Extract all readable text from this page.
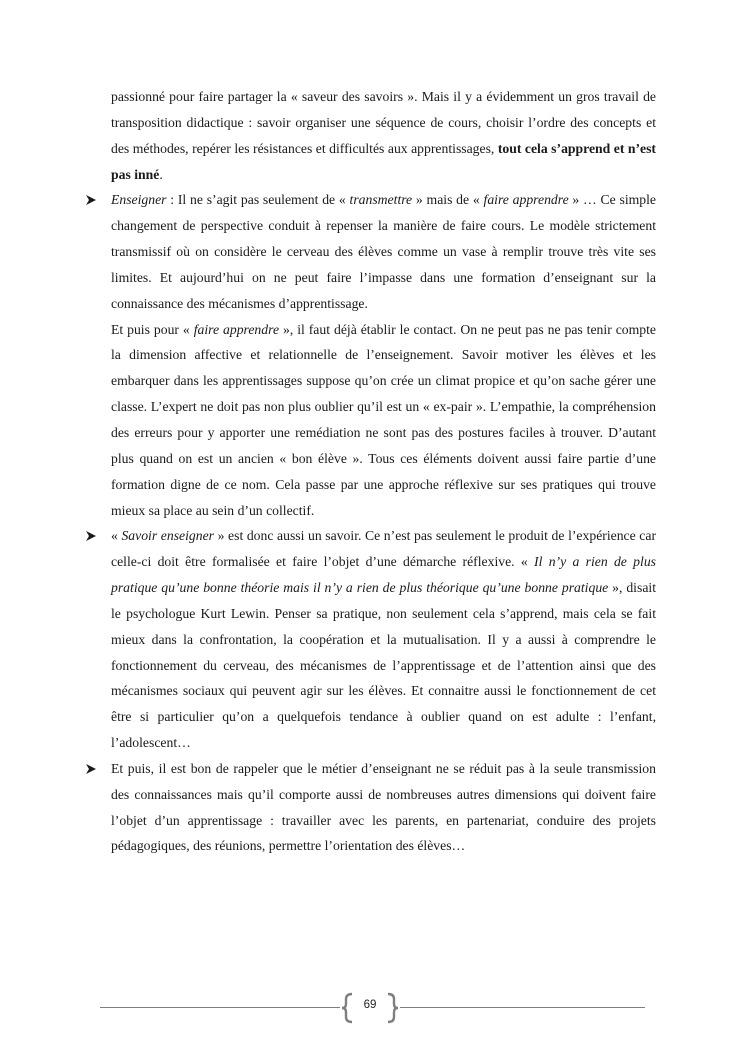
passionné pour faire partager la « saveur des savoirs ». Mais il y a évidemment un gros travail de transposition didactique : savoir organiser une séquence de cours, choisir l’ordre des concepts et des méthodes, repérer les résistances et difficultés aux apprentissages, tout cela s’apprend et n’est pas inné.

Enseigner : Il ne s’agit pas seulement de « transmettre » mais de « faire apprendre » … Ce simple changement de perspective conduit à repenser la manière de faire cours. Le modèle strictement transmissif où on considère le cerveau des élèves comme un vase à remplir trouve très vite ses limites. Et aujourd’hui on ne peut faire l’impasse dans une formation d’enseignant sur la connaissance des mécanismes d’apprentissage.

Et puis pour « faire apprendre », il faut déjà établir le contact. On ne peut pas ne pas tenir compte la dimension affective et relationnelle de l’enseignement. Savoir motiver les élèves et les embarquer dans les apprentissages suppose qu’on crée un climat propice et qu’on sache gérer une classe. L’expert ne doit pas non plus oublier qu’il est un « ex-pair ». L’empathie, la compréhension des erreurs pour y apporter une remédiation ne sont pas des postures faciles à trouver. D’autant plus quand on est un ancien « bon élève ». Tous ces éléments doivent aussi faire partie d’une formation digne de ce nom. Cela passe par une approche réflexive sur ses pratiques qui trouve mieux sa place au sein d’un collectif.

« Savoir enseigner » est donc aussi un savoir. Ce n’est pas seulement le produit de l’expérience car celle-ci doit être formalisée et faire l’objet d’une démarche réflexive. « Il n’y a rien de plus pratique qu’une bonne théorie mais il n’y a rien de plus théorique qu’une bonne pratique », disait le psychologue Kurt Lewin. Penser sa pratique, non seulement cela s’apprend, mais cela se fait mieux dans la confrontation, la coopération et la mutualisation. Il y a aussi à comprendre le fonctionnement du cerveau, des mécanismes de l’apprentissage et de l’attention ainsi que des mécanismes sociaux qui peuvent agir sur les élèves. Et connaitre aussi le fonctionnement de cet être si particulier qu’on a quelquefois tendance à oublier quand on est adulte : l’enfant, l’adolescent…

Et puis, il est bon de rappeler que le métier d’enseignant ne se réduit pas à la seule transmission des connaissances mais qu’il comporte aussi de nombreuses autres dimensions qui doivent faire l’objet d’un apprentissage : travailler avec les parents, en partenariat, conduire des projets pédagogiques, des réunions, permettre l’orientation des élèves…

69
